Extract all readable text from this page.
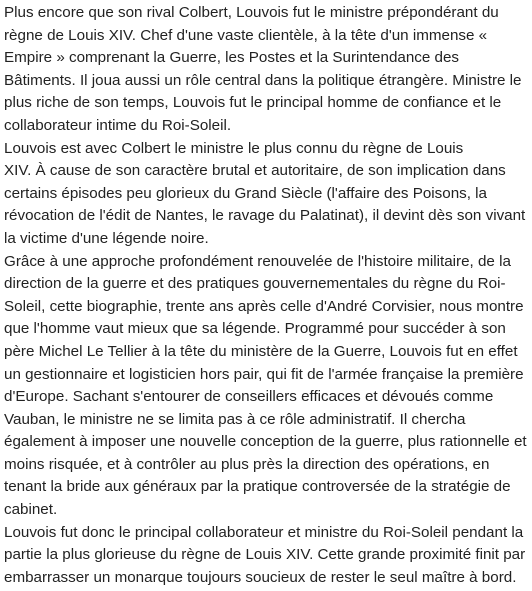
Plus encore que son rival Colbert, Louvois fut le ministre prépondérant du
règne de Louis XIV. Chef d'une vaste clientèle, à la tête d'un immense «
Empire » comprenant la Guerre, les Postes et la Surintendance des
Bâtiments. Il joua aussi un rôle central dans la politique étrangère. Ministre le
plus riche de son temps, Louvois fut le principal homme de confiance et le
collaborateur intime du Roi-Soleil.

Louvois est avec Colbert le ministre le plus connu du règne de Louis
XIV. À cause de son caractère brutal et autoritaire, de son implication dans
certains épisodes peu glorieux du Grand Siècle (l'affaire des Poisons, la
révocation de l'édit de Nantes, le ravage du Palatinat), il devint dès son vivant
la victime d'une légende noire.

Grâce à une approche profondément renouvelée de l'histoire militaire, de la
direction de la guerre et des pratiques gouvernementales du règne du Roi-
Soleil, cette biographie, trente ans après celle d'André Corvisier, nous montre
que l'homme vaut mieux que sa légende. Programmé pour succéder à son
père Michel Le Tellier à la tête du ministère de la Guerre, Louvois fut en effet
un gestionnaire et logisticien hors pair, qui fit de l'armée française la première
d'Europe. Sachant s'entourer de conseillers efficaces et dévoués comme
Vauban, le ministre ne se limita pas à ce rôle administratif. Il chercha
également à imposer une nouvelle conception de la guerre, plus rationnelle et
moins risquée, et à contrôler au plus près la direction des opérations, en
tenant la bride aux généraux par la pratique controversée de la stratégie de
cabinet.

Louvois fut donc le principal collaborateur et ministre du Roi-Soleil pendant la
partie la plus glorieuse du règne de Louis XIV. Cette grande proximité finit par
embarrasser un monarque toujours soucieux de rester le seul maître à bord.
